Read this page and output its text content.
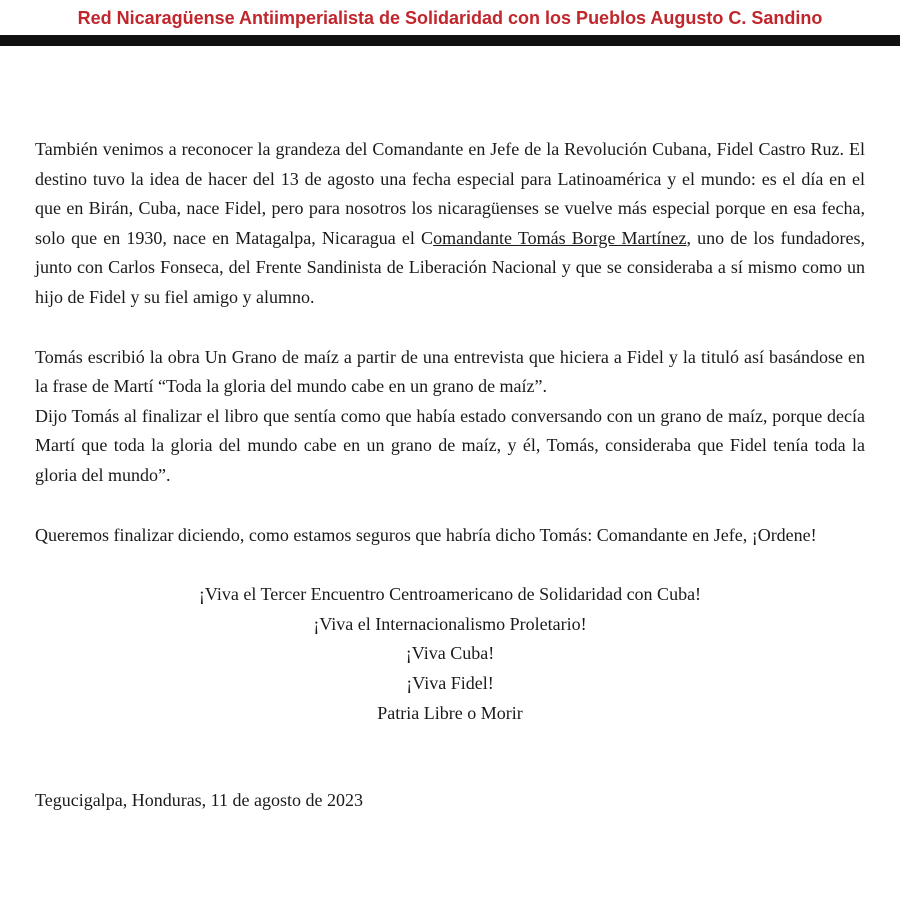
Red Nicaragüense Antiimperialista de Solidaridad con los Pueblos Augusto C. Sandino

También venimos a reconocer la grandeza del Comandante en Jefe de la Revolución Cubana, Fidel Castro Ruz. El destino tuvo la idea de hacer del 13 de agosto una fecha especial para Latinoamérica y el mundo: es el día en el que en Birán, Cuba, nace Fidel, pero para nosotros los nicaragüenses se vuelve más especial porque en esa fecha, solo que en 1930, nace en Matagalpa, Nicaragua el Comandante Tomás Borge Martínez, uno de los fundadores, junto con Carlos Fonseca, del Frente Sandinista de Liberación Nacional y que se consideraba a sí mismo como un hijo de Fidel y su fiel amigo y alumno.

Tomás escribió la obra Un Grano de maíz a partir de una entrevista que hiciera a Fidel y la tituló así basándose en la frase de Martí “Toda la gloria del mundo cabe en un grano de maíz”.

Dijo Tomás al finalizar el libro que sentía como que había estado conversando con un grano de maíz, porque decía Martí que toda la gloria del mundo cabe en un grano de maíz, y él, Tomás, consideraba que Fidel tenía toda la gloria del mundo”.

Queremos finalizar diciendo, como estamos seguros que habría dicho Tomás: Comandante en Jefe, ¡Ordene!

¡Viva el Tercer Encuentro Centroamericano de Solidaridad con Cuba!

¡Viva el Internacionalismo Proletario!

¡Viva Cuba!

¡Viva Fidel!

Patria Libre o Morir

Tegucigalpa, Honduras, 11 de agosto de 2023
